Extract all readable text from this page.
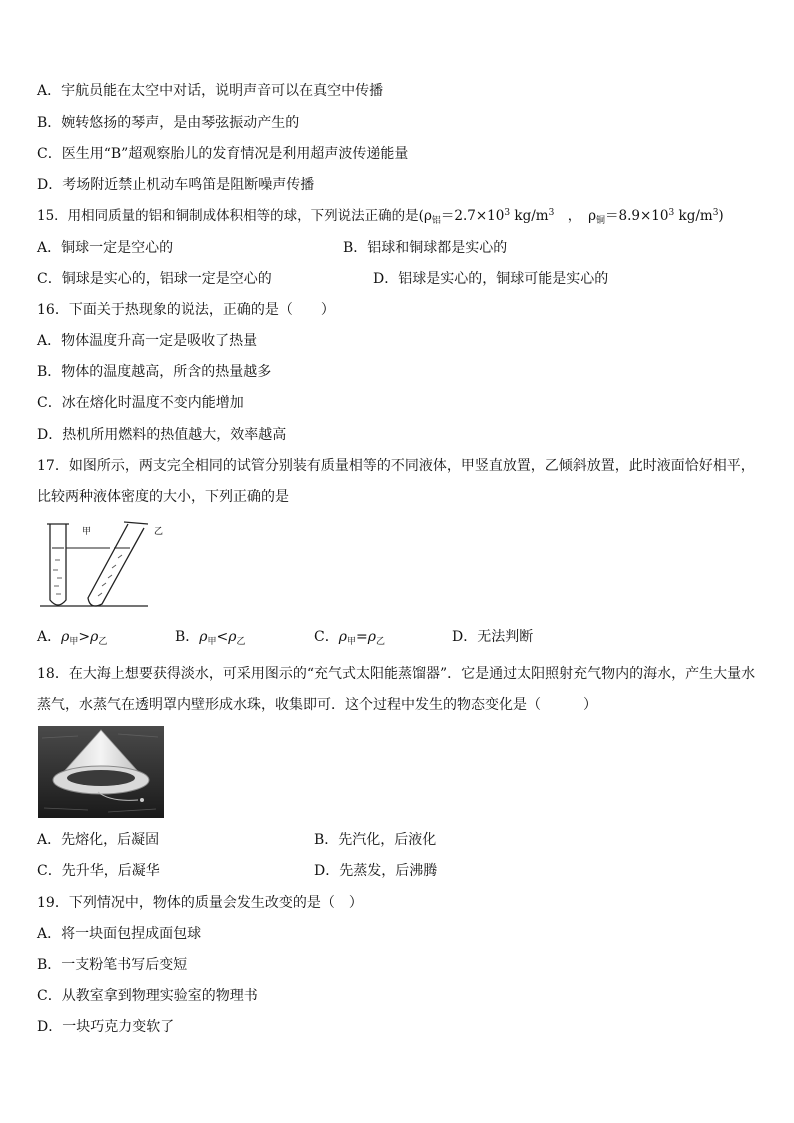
A．宇航员能在太空中对话，说明声音可以在真空中传播
B．婉转悠扬的琴声，是由琴弦振动产生的
C．医生用“B”超观察胎儿的发育情况是利用超声波传递能量
D．考场附近禁止机动车鸣笛是阻断噪声传播
15．用相同质量的铝和铜制成体积相等的球，下列说法正确的是($\rho_铝=2.7\times 10^3$ $kg/m^3$　，　$\rho_铜=8.9\times 10^3$ $kg/m^3$)
A．铜球一定是空心的	B．铝球和铜球都是实心的
C．铜球是实心的，铝球一定是空心的	D．铝球是实心的，铜球可能是实心的
16．下面关于热现象的说法，正确的是（　　）
A．物体温度升高一定是吸收了热量
B．物体的温度越高，所含的热量越多
C．冰在熔化时温度不变内能增加
D．热机所用燃料的热值越大，效率越高
17．如图所示，两支完全相同的试管分别装有质量相等的不同液体，甲竖直放置，乙倾斜放置，此时液面恰好相平，
比较两种液体密度的大小，下列正确的是
甲	乙
A．$\rho_甲>\rho_乙$	B．$\rho_甲<\rho_乙$	C．$\rho_甲=\rho_乙$	D．无法判断
18．在大海上想要获得淡水，可采用图示的“充气式太阳能蒸馏器”．它是通过太阳照射充气物内的海水，产生大量水
蒸气，水蒸气在透明罩内壁形成水珠，收集即可．这个过程中发生的物态变化是（　　　）
A．先熔化，后凝固	B．先汽化，后液化
C．先升华，后凝华	D．先蒸发，后沸腾
19．下列情况中，物体的质量会发生改变的是（　）
A．将一块面包捏成面包球
B．一支粉笔书写后变短
C．从教室拿到物理实验室的物理书
D．一块巧克力变软了
